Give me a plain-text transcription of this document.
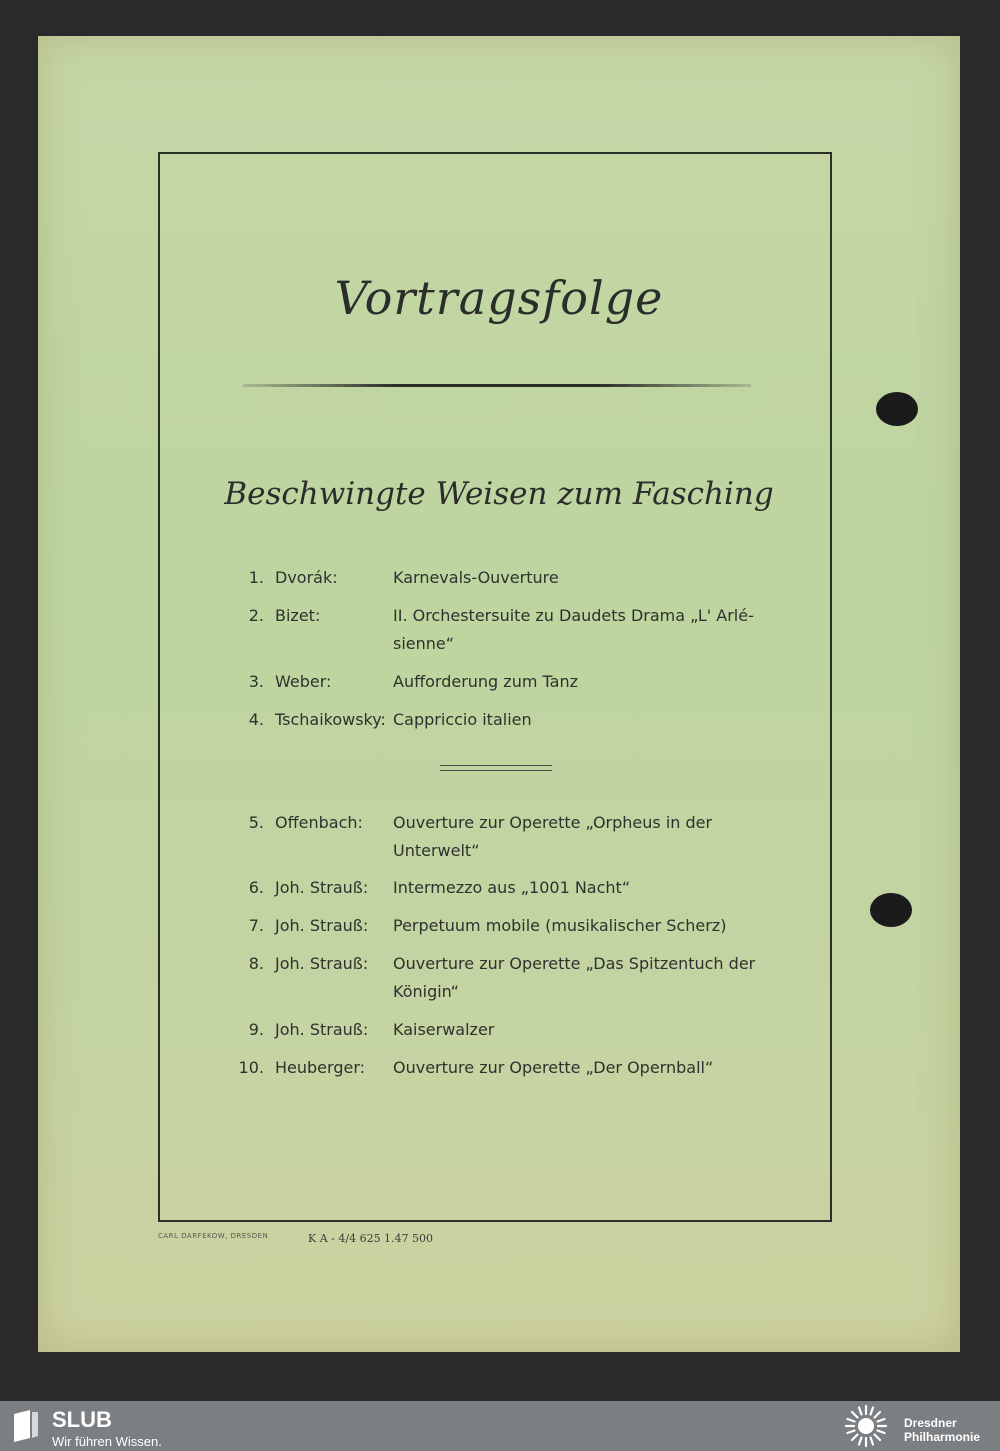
Vortragsfolge
Beschwingte Weisen zum Fasching
1. Dvorák:	Karnevals-Ouverture
2. Bizet:	II. Orchestersuite zu Daudets Drama „L' Arlé-sienne“
3. Weber:	Aufforderung zum Tanz
4. Tschaikowsky: Cappriccio italien
5. Offenbach: Ouverture zur Operette „Orpheus in der Unterwelt“
6. Joh. Strauß: Intermezzo aus „1001 Nacht“
7. Joh. Strauß: Perpetuum mobile (musikalischer Scherz)
8. Joh. Strauß: Ouverture zur Operette „Das Spitzentuch der Königin“
9. Joh. Strauß: Kaiserwalzer
10. Heuberger: Ouverture zur Operette „Der Opernball“
CARL DARFEKOW, DRESDEN	K A - 4/4 625 1.47 500
SLUB
Wir führen Wissen.
Dresdner
Philharmonie
